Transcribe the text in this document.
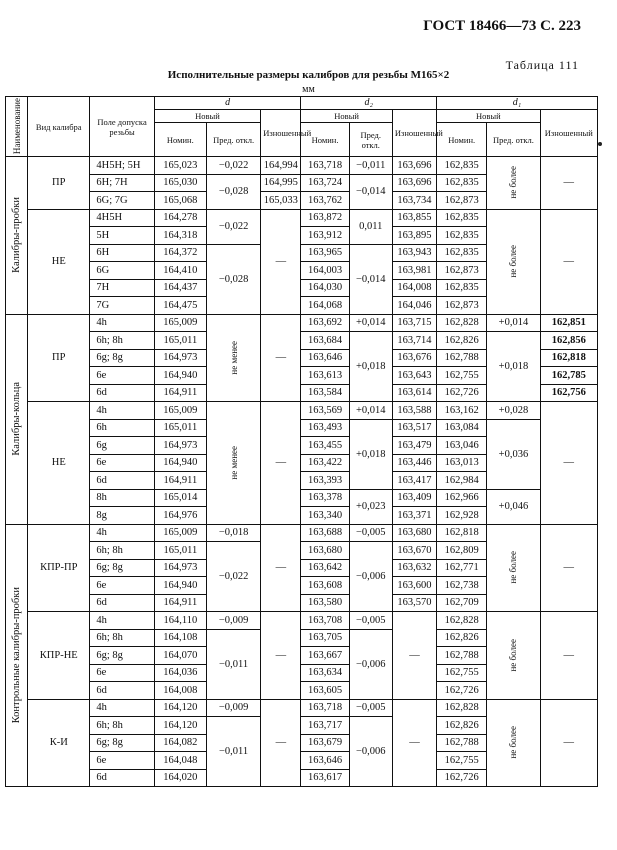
ГОСТ 18466—73 С. 223
Таблица 111
Исполнительные размеры калибров для резьбы М165×2
мм
Наименование	Вид калибра	Поле допуска резьбы	d			d₂			d₁		
			Новый		Изношенный	Новый		Изношенный	Новый		Изношенный
			Номин.	Пред. откл.		Номин.	Пред. откл.		Номин.	Пред. откл.	

Калибры-пробки	ПР	4H5H; 5H	165,023	−0,022	164,994	163,718	−0,011	163,696	162,835	не более	—
		6H; 7H	165,030	−0,028	164,995	163,724	−0,014	163,696	162,835		
		6G; 7G	165,068		165,033	163,762		163,734	162,873		
	НЕ	4H5H	164,278	−0,022	—	163,872	0,011	163,855	162,835	не более	—
		5H	164,318			163,912		163,895	162,835		
		6H	164,372	−0,028		163,965	−0,014	163,943	162,835		
		6G	164,410			164,003		163,981	162,873		
		7H	164,437			164,030		164,008	162,835		
		7G	164,475			164,068		164,046	162,873		

Калибры-кольца	ПР	4h	165,009	не менее	—	163,692	+0,014	163,715	162,828	+0,014	162,851
		6h; 8h	165,011			163,684	+0,018	163,714	162,826	+0,018	162,856
		6g; 8g	164,973			163,646		163,676	162,788		162,818
		6e	164,940			163,613		163,643	162,755		162,785
		6d	164,911			163,584		163,614	162,726		162,756
	НЕ	4h	165,009	не менее	—	163,569	+0,014	163,588	163,162	+0,028	—
		6h	165,011			163,493	+0,018	163,517	163,084	+0,036	
		6g	164,973			163,455		163,479	163,046		
		6e	164,940			163,422		163,446	163,013		
		6d	164,911			163,393		163,417	162,984		
		8h	165,014			163,378	+0,023	163,409	162,966	+0,046	
		8g	164,976			163,340		163,371	162,928		

Контрольные калибры-пробки	КПР-ПР	4h	165,009	−0,018	—	163,688	−0,005	163,680	162,818	не более	—
		6h; 8h	165,011	−0,022		163,680	−0,006	163,670	162,809		
		6g; 8g	164,973			163,642		163,632	162,771		
		6e	164,940			163,608		163,600	162,738		
		6d	164,911			163,580		163,570	162,709		
	КПР-НЕ	4h	164,110	−0,009	—	163,708	−0,005	—	162,828	не более	—
		6h; 8h	164,108	−0,011		163,705	−0,006		162,826		
		6g; 8g	164,070			163,667			162,788		
		6e	164,036			163,634			162,755		
		6d	164,008			163,605			162,726		
	К-И	4h	164,120	−0,009	—	163,718	−0,005	—	162,828	не более	—
		6h; 8h	164,120	−0,011		163,717	−0,006		162,826		
		6g; 8g	164,082			163,679			162,788		
		6e	164,048			163,646			162,755		
		6d	164,020			163,617			162,726		
